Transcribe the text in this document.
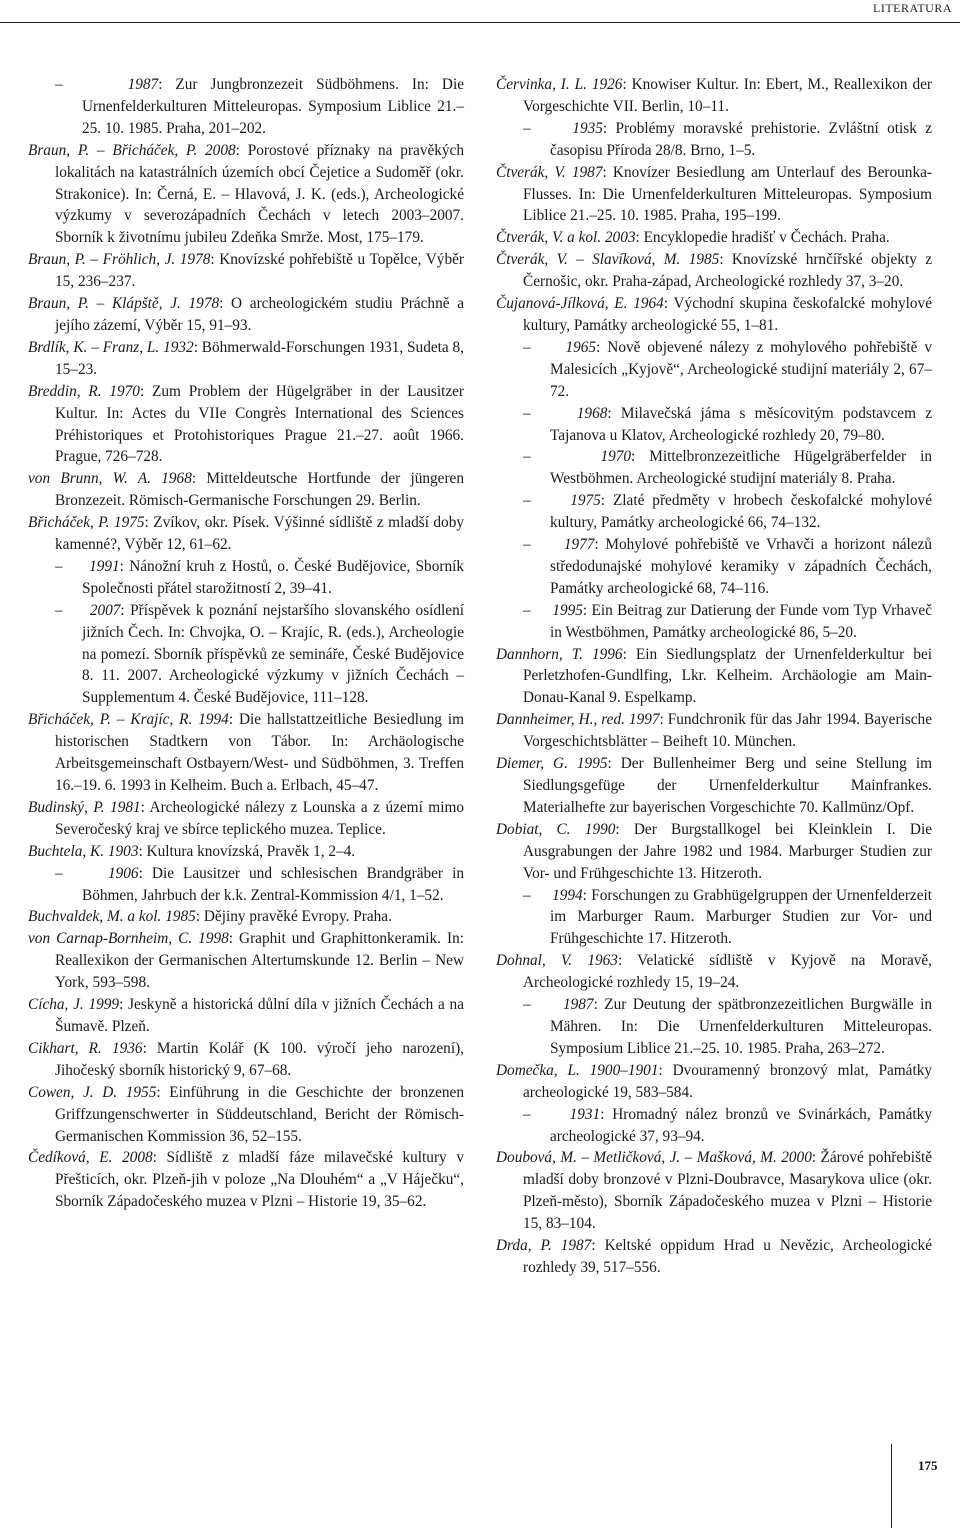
LITERATURA

–     1987: Zur Jungbronzezeit Südböhmens. In: Die Urnenfelderkulturen Mitteleuropas. Symposium Liblice 21.–25. 10. 1985. Praha, 201–202.

Braun, P. – Břicháček, P. 2008: Porostové příznaky na pravěkých lokalitách na katastrálních územích obcí Čejetice a Sudoměř (okr. Strakonice). In: Černá, E. – Hlavová, J. K. (eds.), Archeologické výzkumy v severozápadních Čechách v letech 2003–2007. Sborník k životnímu jubileu Zdeňka Smrže. Most, 175–179.

Braun, P. – Fröhlich, J. 1978: Knovízské pohřebiště u Topělce, Výběr 15, 236–237.

Braun, P. – Klápště, J. 1978: O archeologickém studiu Práchně a jejího zázemí, Výběr 15, 91–93.

Brdlík, K. – Franz, L. 1932: Böhmerwald-Forschungen 1931, Sudeta 8, 15–23.

Breddin, R. 1970: Zum Problem der Hügelgräber in der Lausitzer Kultur. In: Actes du VIIe Congrès International des Sciences Préhistoriques et Protohistoriques Prague 21.–27. août 1966. Prague, 726–728.

von Brunn, W. A. 1968: Mitteldeutsche Hortfunde der jüngeren Bronzezeit. Römisch-Germanische Forschungen 29. Berlin.

Břicháček, P. 1975: Zvíkov, okr. Písek. Výšinné sídliště z mladší doby kamenné?, Výběr 12, 61–62.

–     1991: Nánožní kruh z Hostů, o. České Budějovice, Sborník Společnosti přátel starožitností 2, 39–41.

–     2007: Příspěvek k poznání nejstaršího slovanského osídlení jižních Čech. In: Chvojka, O. – Krajíc, R. (eds.), Archeologie na pomezí. Sborník příspěvků ze semináře, České Budějovice 8. 11. 2007. Archeologické výzkumy v jižních Čechách – Supplementum 4. České Budějovice, 111–128.

Břicháček, P. – Krajíc, R. 1994: Die hallstattzeitliche Besiedlung im historischen Stadtkern von Tábor. In: Archäologische Arbeitsgemeinschaft Ostbayern/West- und Südböhmen, 3. Treffen 16.–19. 6. 1993 in Kelheim. Buch a. Erlbach, 45–47.

Budinský, P. 1981: Archeologické nálezy z Lounska a z území mimo Severočeský kraj ve sbírce teplického muzea. Teplice.

Buchtela, K. 1903: Kultura knovízská, Pravěk 1, 2–4.

–     1906: Die Lausitzer und schlesischen Brandgräber in Böhmen, Jahrbuch der k.k. Zentral-Kommission 4/1, 1–52.

Buchvaldek, M. a kol. 1985: Dějiny pravěké Evropy. Praha.

von Carnap-Bornheim, C. 1998: Graphit und Graphittonkeramik. In: Reallexikon der Germanischen Altertumskunde 12. Berlin – New York, 593–598.

Cícha, J. 1999: Jeskyně a historická důlní díla v jižních Čechách a na Šumavě. Plzeň.

Cikhart, R. 1936: Martin Kolář (K 100. výročí jeho narození), Jihočeský sborník historický 9, 67–68.

Cowen, J. D. 1955: Einführung in die Geschichte der bronzenen Griffzungenschwerter in Süddeutschland, Bericht der Römisch-Germanischen Kommission 36, 52–155.

Čedíková, E. 2008: Sídliště z mladší fáze milavečské kultury v Přešticích, okr. Plzeň-jih v poloze „Na Dlouhém“ a „V Háječku“, Sborník Západočeského muzea v Plzni – Historie 19, 35–62.

Červinka, I. L. 1926: Knowiser Kultur. In: Ebert, M., Reallexikon der Vorgeschichte VII. Berlin, 10–11.

–     1935: Problémy moravské prehistorie. Zvláštní otisk z časopisu Příroda 28/8. Brno, 1–5.

Čtverák, V. 1987: Knovízer Besiedlung am Unterlauf des Berounka-Flusses. In: Die Urnenfelderkulturen Mitteleuropas. Symposium Liblice 21.–25. 10. 1985. Praha, 195–199.

Čtverák, V. a kol. 2003: Encyklopedie hradišť v Čechách. Praha.

Čtverák, V. – Slavíková, M. 1985: Knovízské hrnčířské objekty z Černošic, okr. Praha-západ, Archeologické rozhledy 37, 3–20.

Čujanová-Jílková, E. 1964: Východní skupina českofalcké mohylové kultury, Památky archeologické 55, 1–81.

–     1965: Nově objevené nálezy z mohylového pohřebiště v Malesicích „Kyjově“, Archeologické studijní materiály 2, 67–72.

–     1968: Milavečská jáma s měsícovitým podstavcem z Tajanova u Klatov, Archeologické rozhledy 20, 79–80.

–     1970: Mittelbronzezeitliche Hügelgräberfelder in Westböhmen. Archeologické studijní materiály 8. Praha.

–     1975: Zlaté předměty v hrobech českofalcké mohylové kultury, Památky archeologické 66, 74–132.

–     1977: Mohylové pohřebiště ve Vrhavči a horizont nálezů středodunajské mohylové keramiky v západních Čechách, Památky archeologické 68, 74–116.

–     1995: Ein Beitrag zur Datierung der Funde vom Typ Vrhaveč in Westböhmen, Památky archeologické 86, 5–20.

Dannhorn, T. 1996: Ein Siedlungsplatz der Urnenfelderkultur bei Perletzhofen-Gundlfing, Lkr. Kelheim. Archäologie am Main-Donau-Kanal 9. Espelkamp.

Dannheimer, H., red. 1997: Fundchronik für das Jahr 1994. Bayerische Vorgeschichtsblätter – Beiheft 10. München.

Diemer, G. 1995: Der Bullenheimer Berg und seine Stellung im Siedlungsgefüge der Urnenfelderkultur Mainfrankes. Materialhefte zur bayerischen Vorgeschichte 70. Kallmünz/Opf.

Dobiat, C. 1990: Der Burgstallkogel bei Kleinklein I. Die Ausgrabungen der Jahre 1982 und 1984. Marburger Studien zur Vor- und Frühgeschichte 13. Hitzeroth.

–     1994: Forschungen zu Grabhügelgruppen der Urnenfelderzeit im Marburger Raum. Marburger Studien zur Vor- und Frühgeschichte 17. Hitzeroth.

Dohnal, V. 1963: Velatické sídliště v Kyjově na Moravě, Archeologické rozhledy 15, 19–24.

–     1987: Zur Deutung der spätbronzezeitlichen Burgwälle in Mähren. In: Die Urnenfelderkulturen Mitteleuropas. Symposium Liblice 21.–25. 10. 1985. Praha, 263–272.

Domečka, L. 1900–1901: Dvouramenný bronzový mlat, Památky archeologické 19, 583–584.

–     1931: Hromadný nález bronzů ve Svinárkách, Památky archeologické 37, 93–94.

Doubová, M. – Metličková, J. – Mašková, M. 2000: Žárové pohřebiště mladší doby bronzové v Plzni-Doubravce, Masarykova ulice (okr. Plzeň-město), Sborník Západočeského muzea v Plzni – Historie 15, 83–104.

Drda, P. 1987: Keltské oppidum Hrad u Nevězic, Archeologické rozhledy 39, 517–556.

175
